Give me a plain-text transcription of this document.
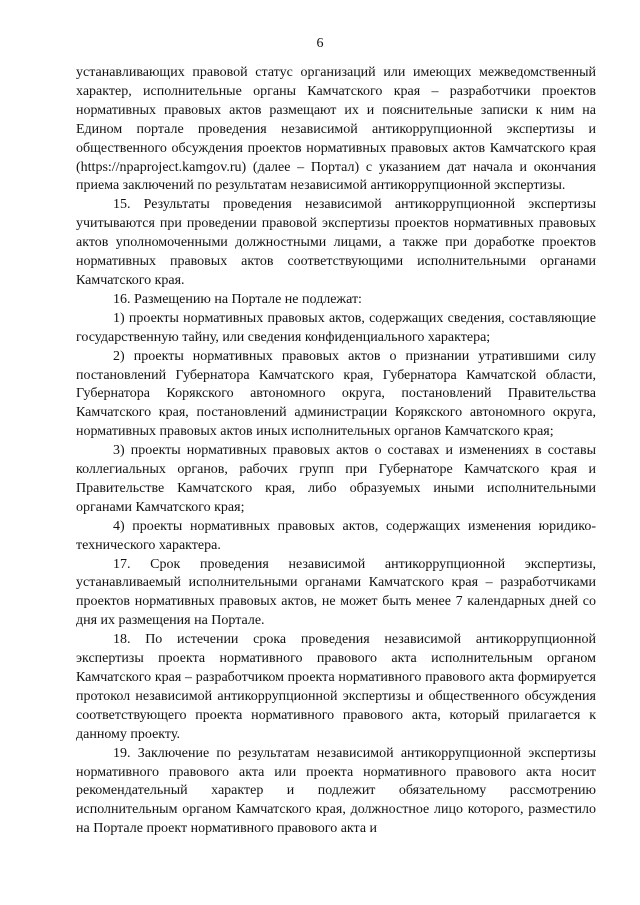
6

устанавливающих правовой статус организаций или имеющих межведомственный характер, исполнительные органы Камчатского края – разработчики проектов нормативных правовых актов размещают их и пояснительные записки к ним на Едином портале проведения независимой антикоррупционной экспертизы и общественного обсуждения проектов нормативных правовых актов Камчатского края (https://npaproject.kamgov.ru) (далее – Портал) с указанием дат начала и окончания приема заключений по результатам независимой антикоррупционной экспертизы.

15. Результаты проведения независимой антикоррупционной экспертизы учитываются при проведении правовой экспертизы проектов нормативных правовых актов уполномоченными должностными лицами, а также при доработке проектов нормативных правовых актов соответствующими исполнительными органами Камчатского края.

16. Размещению на Портале не подлежат:

1) проекты нормативных правовых актов, содержащих сведения, составляющие государственную тайну, или сведения конфиденциального характера;

2) проекты нормативных правовых актов о признании утратившими силу постановлений Губернатора Камчатского края, Губернатора Камчатской области, Губернатора Корякского автономного округа, постановлений Правительства Камчатского края, постановлений администрации Корякского автономного округа, нормативных правовых актов иных исполнительных органов Камчатского края;

3) проекты нормативных правовых актов о составах и изменениях в составы коллегиальных органов, рабочих групп при Губернаторе Камчатского края и Правительстве Камчатского края, либо образуемых иными исполнительными органами Камчатского края;

4) проекты нормативных правовых актов, содержащих изменения юридико-технического характера.

17. Срок проведения независимой антикоррупционной экспертизы, устанавливаемый исполнительными органами Камчатского края – разработчиками проектов нормативных правовых актов, не может быть менее 7 календарных дней со дня их размещения на Портале.

18. По истечении срока проведения независимой антикоррупционной экспертизы проекта нормативного правового акта исполнительным органом Камчатского края – разработчиком проекта нормативного правового акта формируется протокол независимой антикоррупционной экспертизы и общественного обсуждения соответствующего проекта нормативного правового акта, который прилагается к данному проекту.

19. Заключение по результатам независимой антикоррупционной экспертизы нормативного правового акта или проекта нормативного правового акта носит рекомендательный характер и подлежит обязательному рассмотрению исполнительным органом Камчатского края, должностное лицо которого, разместило на Портале проект нормативного правового акта и
